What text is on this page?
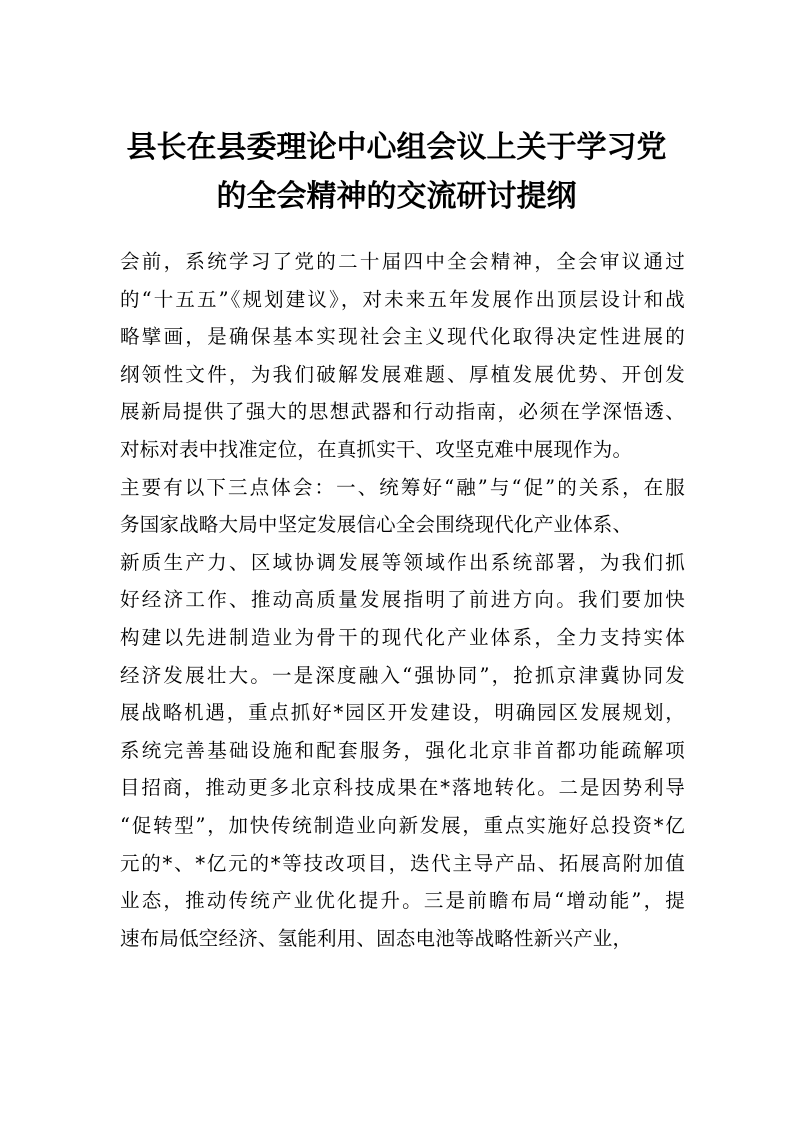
县长在县委理论中心组会议上关于学习党
的全会精神的交流研讨提纲
会前，系统学习了党的二十届四中全会精神，全会审议通过
的“十五五”《规划建议》，对未来五年发展作出顶层设计和战
略擘画，是确保基本实现社会主义现代化取得决定性进展的
纲领性文件，为我们破解发展难题、厚植发展优势、开创发
展新局提供了强大的思想武器和行动指南，必须在学深悟透、
对标对表中找准定位，在真抓实干、攻坚克难中展现作为。
主要有以下三点体会：一、统筹好“融”与“促”的关系，在服
务国家战略大局中坚定发展信心全会围绕现代化产业体系、
新质生产力、区域协调发展等领域作出系统部署，为我们抓
好经济工作、推动高质量发展指明了前进方向。我们要加快
构建以先进制造业为骨干的现代化产业体系，全力支持实体
经济发展壮大。一是深度融入“强协同”，抢抓京津冀协同发
展战略机遇，重点抓好*园区开发建设，明确园区发展规划，
系统完善基础设施和配套服务，强化北京非首都功能疏解项
目招商，推动更多北京科技成果在*落地转化。二是因势利导
“促转型”，加快传统制造业向新发展，重点实施好总投资*亿
元的*、*亿元的*等技改项目，迭代主导产品、拓展高附加值
业态，推动传统产业优化提升。三是前瞻布局“增动能”，提
速布局低空经济、氢能利用、固态电池等战略性新兴产业，
